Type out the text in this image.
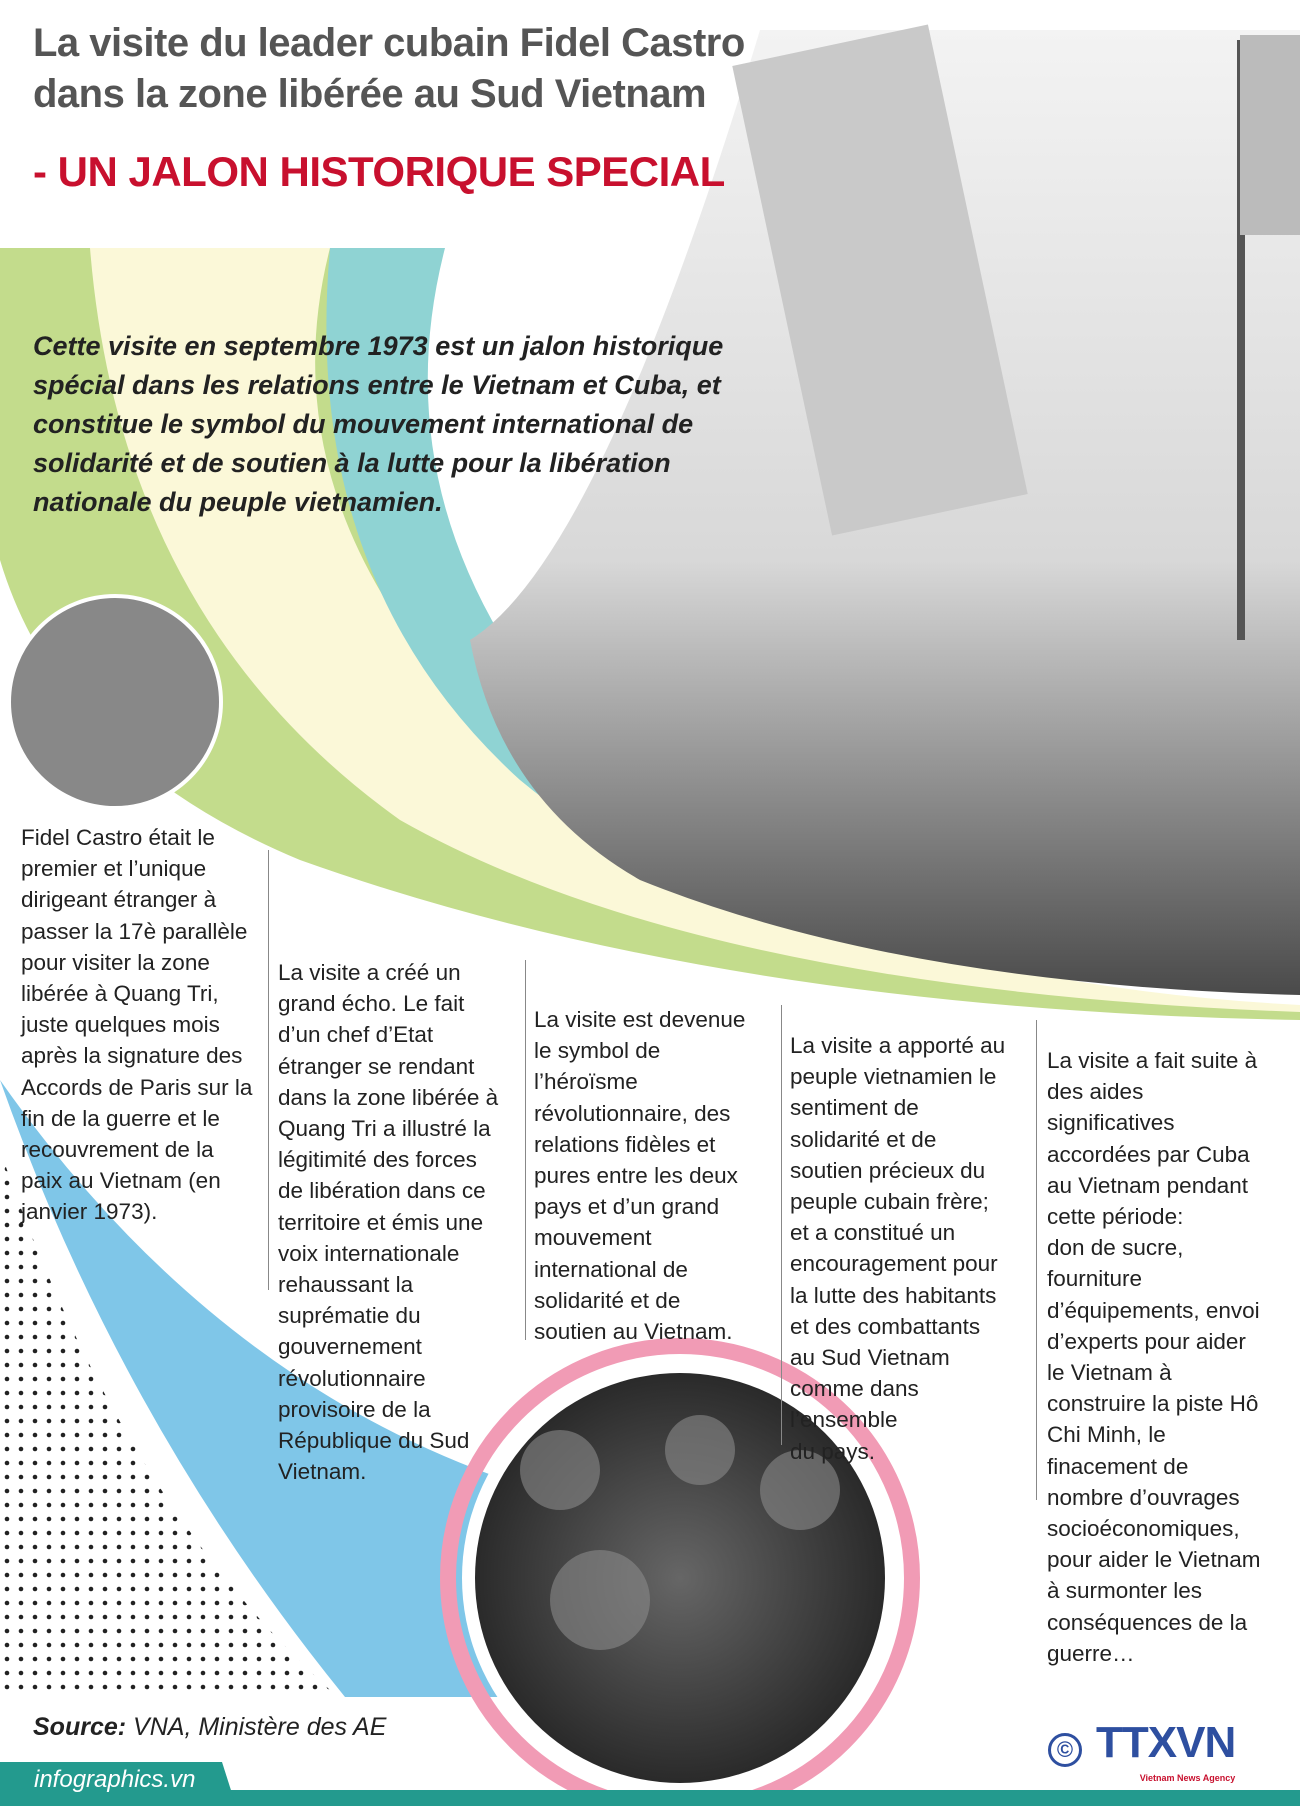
La visite du leader cubain Fidel Castro
dans la zone libérée au Sud Vietnam
- UN JALON HISTORIQUE SPECIAL
Cette visite en septembre 1973 est un jalon historique spécial dans les relations entre le Vietnam et Cuba, et constitue le symbol du mouvement international de solidarité et de soutien à la lutte pour la libération nationale du peuple vietnamien.
Fidel Castro était le
premier et l’unique
dirigeant étranger à
passer la 17è parallèle
pour visiter la zone
libérée à Quang Tri,
juste quelques mois
après la signature des
Accords de Paris sur la
fin de la guerre et le
recouvrement de la
paix au Vietnam (en
janvier 1973).
La visite a créé un
grand écho. Le fait
d’un chef d’Etat
étranger se rendant
dans la zone libérée à
Quang Tri a illustré la
légitimité des forces
de libération dans ce
territoire et émis une
voix internationale
rehaussant la
suprématie du
gouvernement
révolutionnaire
provisoire de la
République du Sud
Vietnam.
La visite est devenue
le symbol de
l’héroïsme
révolutionnaire, des
relations fidèles et
pures entre les deux
pays et d’un grand
mouvement
international de
solidarité et de
soutien au Vietnam.
La visite a apporté au
peuple vietnamien le
sentiment de
solidarité et de
soutien précieux du
peuple cubain frère;
et a constitué un
encouragement pour
la lutte des habitants
et des combattants
au Sud Vietnam
comme dans
l’ensemble
du pays.
La visite a fait suite à
des aides
significatives
accordées par Cuba
au Vietnam pendant
cette période:
don de sucre,
fourniture
d’équipements, envoi
d’experts pour aider
le Vietnam à
construire la piste Hô
Chi Minh, le
finacement de
nombre d’ouvrages
socioéconomiques,
pour aider le Vietnam
à surmonter les
conséquences de la
guerre…
Source: VNA, Ministère des AE
infographics.vn
© TTXVN
Vietnam News Agency
